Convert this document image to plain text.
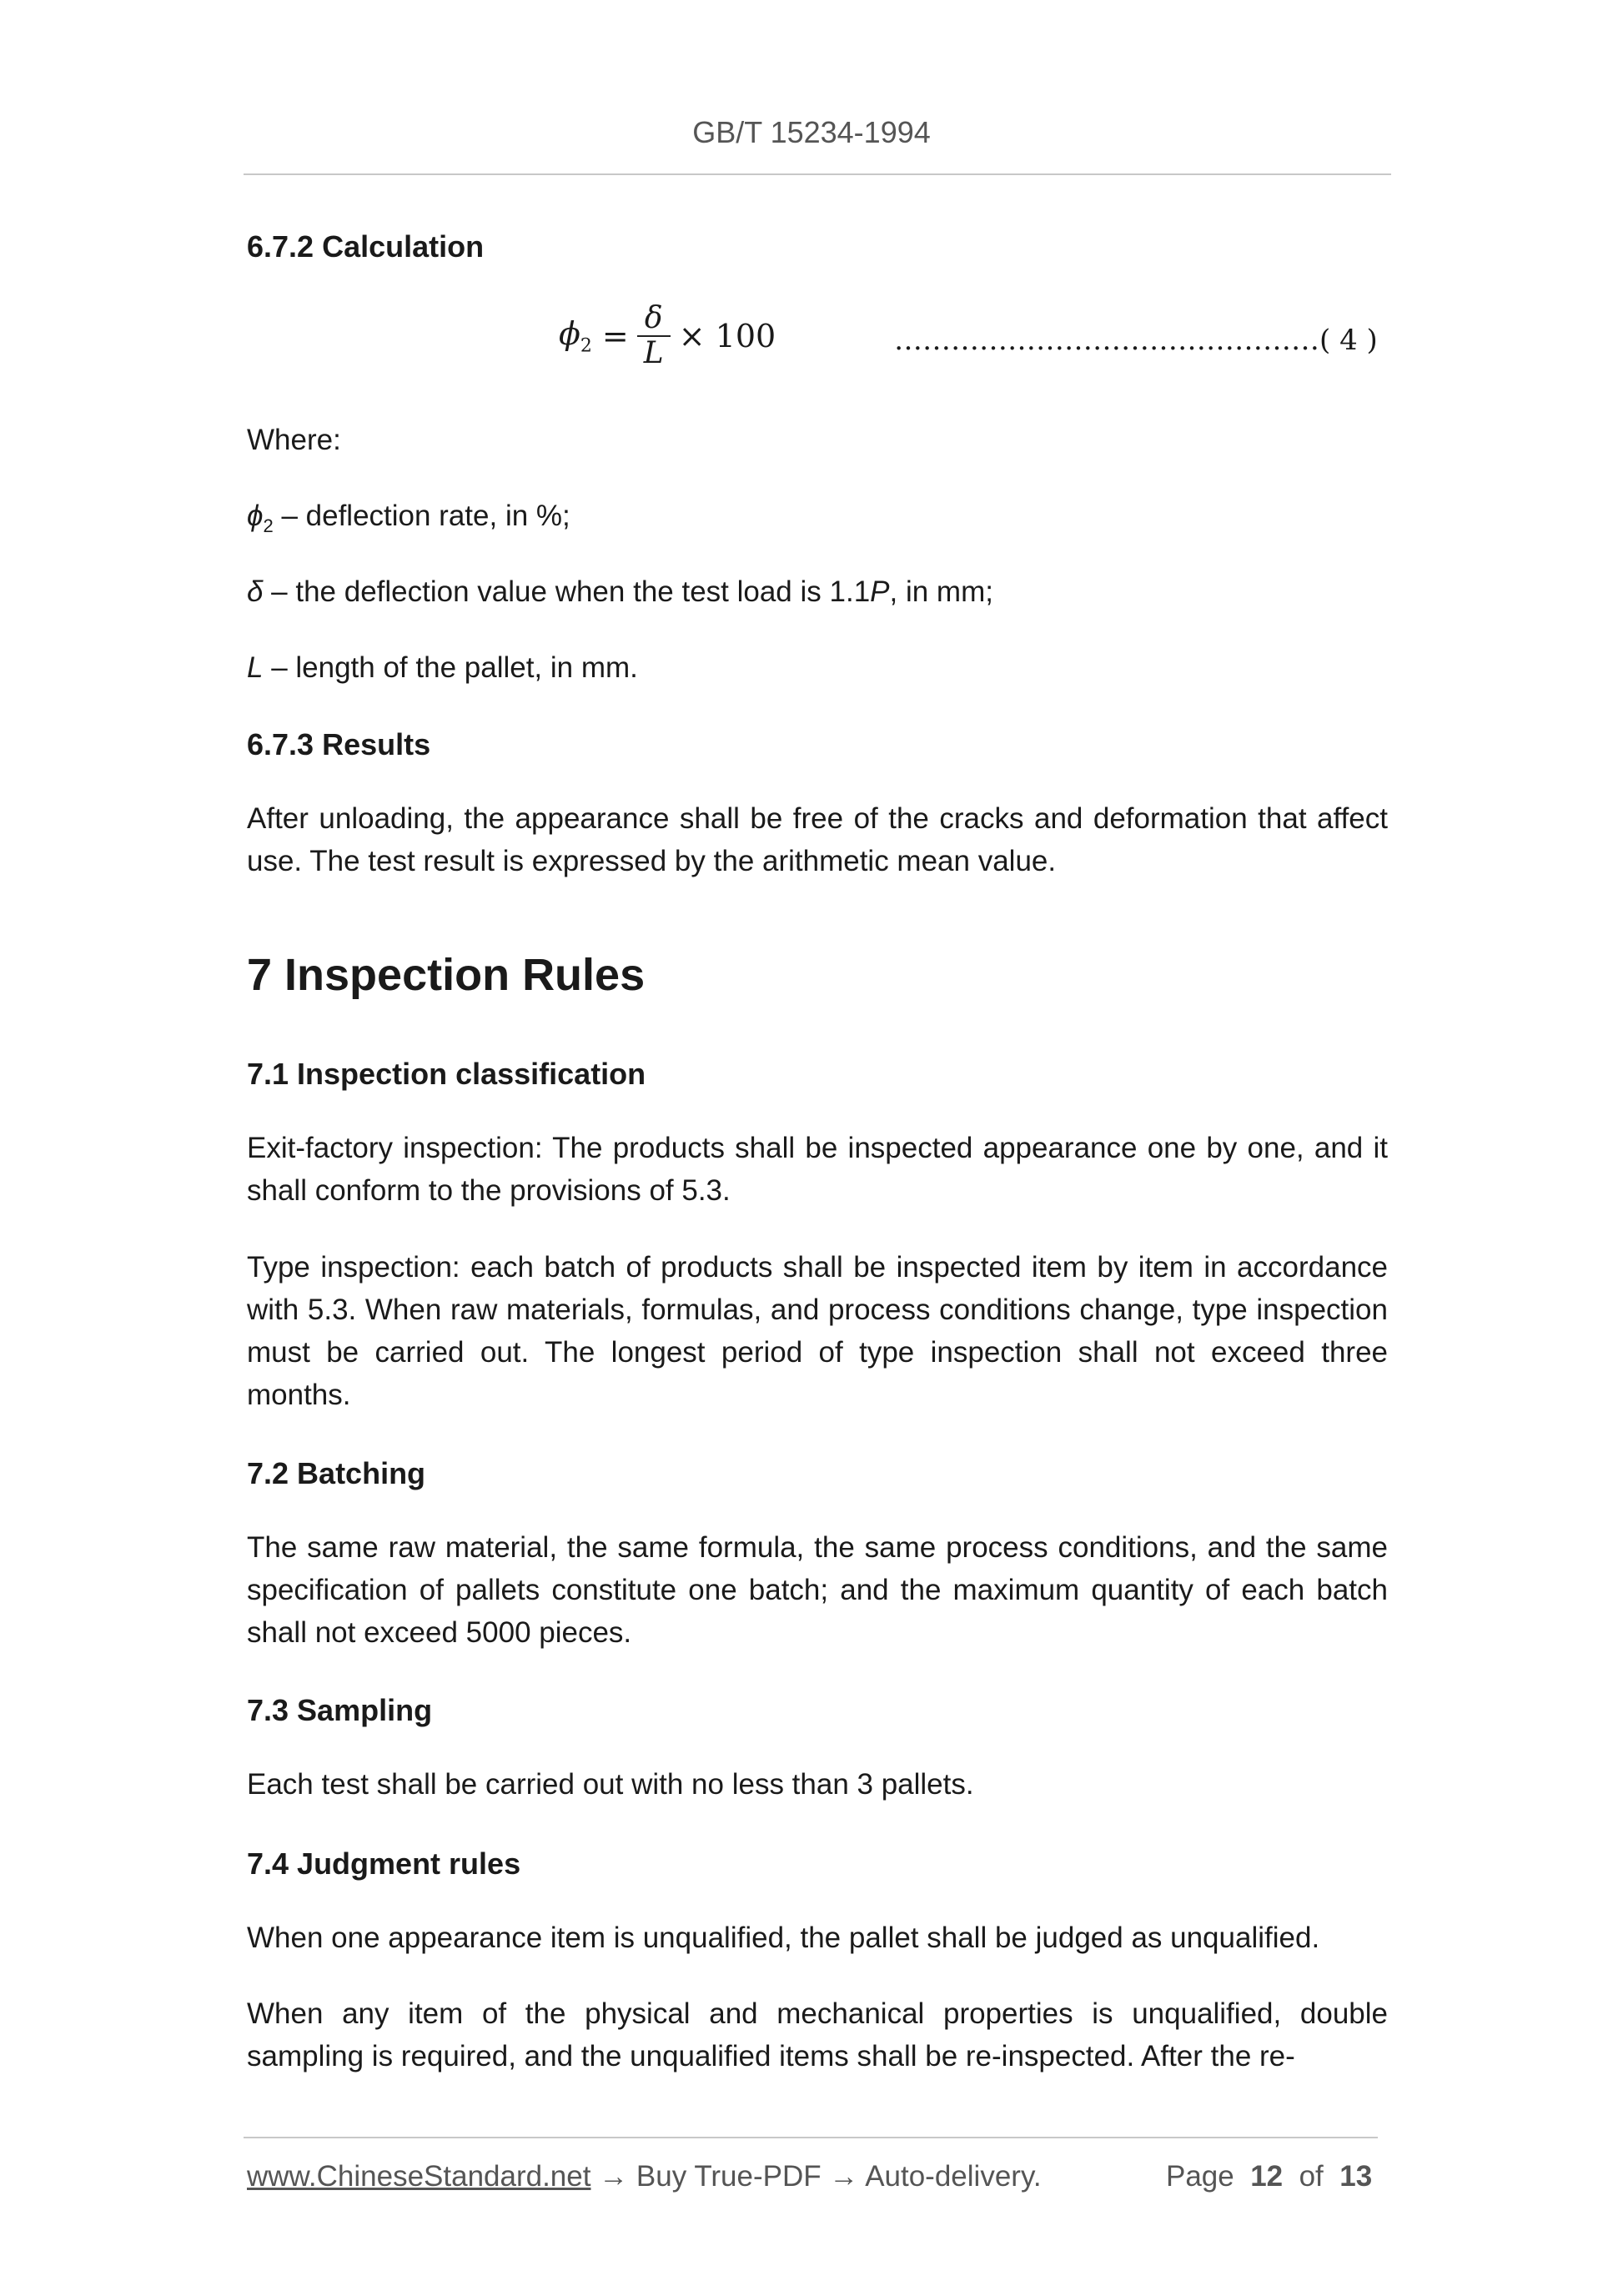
GB/T 15234-1994
6.7.2 Calculation
$\phi_2 = \frac{\delta}{L} \times 100$	………………………………………( 4 )
Where:
$\phi_2$ – deflection rate, in %;
δ – the deflection value when the test load is 1.1P, in mm;
L – length of the pallet, in mm.
6.7.3 Results
After unloading, the appearance shall be free of the cracks and deformation that affect use. The test result is expressed by the arithmetic mean value.
7 Inspection Rules
7.1 Inspection classification
Exit-factory inspection: The products shall be inspected appearance one by one, and it shall conform to the provisions of 5.3.
Type inspection: each batch of products shall be inspected item by item in accordance with 5.3. When raw materials, formulas, and process conditions change, type inspection must be carried out. The longest period of type inspection shall not exceed three months.
7.2 Batching
The same raw material, the same formula, the same process conditions, and the same specification of pallets constitute one batch; and the maximum quantity of each batch shall not exceed 5000 pieces.
7.3 Sampling
Each test shall be carried out with no less than 3 pallets.
7.4 Judgment rules
When one appearance item is unqualified, the pallet shall be judged as unqualified.
When any item of the physical and mechanical properties is unqualified, double sampling is required, and the unqualified items shall be re-inspected. After the re-
www.ChineseStandard.net → Buy True-PDF → Auto-delivery.	Page 12 of 13
